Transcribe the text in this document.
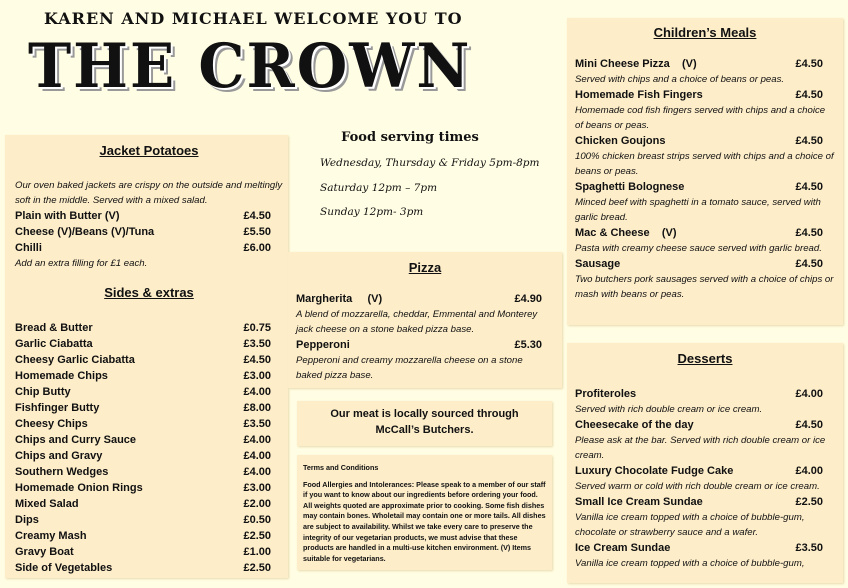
KAREN AND MICHAEL WELCOME YOU TO
THE CROWN
Jacket Potatoes
Our oven baked jackets are crispy on the outside and meltingly soft in the middle. Served with a mixed salad.
Plain with Butter (V)	£4.50
Cheese (V)/Beans (V)/Tuna	£5.50
Chilli	£6.00
Add an extra filling for £1 each.
Sides & extras
Bread & Butter	£0.75
Garlic Ciabatta	£3.50
Cheesy Garlic Ciabatta	£4.50
Homemade Chips	£3.00
Chip Butty	£4.00
Fishfinger Butty	£8.00
Cheesy Chips	£3.50
Chips and Curry Sauce	£4.00
Chips and Gravy	£4.00
Southern Wedges	£4.00
Homemade Onion Rings	£3.00
Mixed Salad	£2.00
Dips	£0.50
Creamy Mash	£2.50
Gravy Boat	£1.00
Side of Vegetables	£2.50
Food serving times
Wednesday, Thursday & Friday 5pm-8pm
Saturday 12pm – 7pm
Sunday 12pm- 3pm
Pizza
Margherita     (V)	£4.90
A blend of mozzarella, cheddar, Emmental and Monterey jack cheese on a stone baked pizza base.
Pepperoni	£5.30
Pepperoni and creamy mozzarella cheese on a stone baked pizza base.
Our meat is locally sourced through McCall’s Butchers.
Terms and Conditions
Food Allergies and Intolerances: Please speak to a member of our staff if you want to know about our ingredients before ordering your food. All weights quoted are approximate prior to cooking. Some fish dishes may contain bones. Wholetail may contain one or more tails. All dishes are subject to availability. Whilst we take every care to preserve the integrity of our vegetarian products, we must advise that these products are handled in a multi-use kitchen environment. (V) Items suitable for vegetarians.
Children’s Meals
Mini Cheese Pizza    (V)	£4.50
Served with chips and a choice of beans or peas.
Homemade Fish Fingers	£4.50
Homemade cod fish fingers served with chips and a choice of beans or peas.
Chicken Goujons	£4.50
100% chicken breast strips served with chips and a choice of beans or peas.
Spaghetti Bolognese	£4.50
Minced beef with spaghetti in a tomato sauce, served with garlic bread.
Mac & Cheese    (V)	£4.50
Pasta with creamy cheese sauce served with garlic bread.
Sausage	£4.50
Two butchers pork sausages served with a choice of chips or mash with beans or peas.
Desserts
Profiteroles	£4.00
Served with rich double cream or ice cream.
Cheesecake of the day	£4.50
Please ask at the bar. Served with rich double cream or ice cream.
Luxury Chocolate Fudge Cake	£4.00
Served warm or cold with rich double cream or ice cream.
Small Ice Cream Sundae	£2.50
Vanilla ice cream topped with a choice of bubble-gum, chocolate or strawberry sauce and a wafer.
Ice Cream Sundae	£3.50
Vanilla ice cream topped with a choice of bubble-gum,
